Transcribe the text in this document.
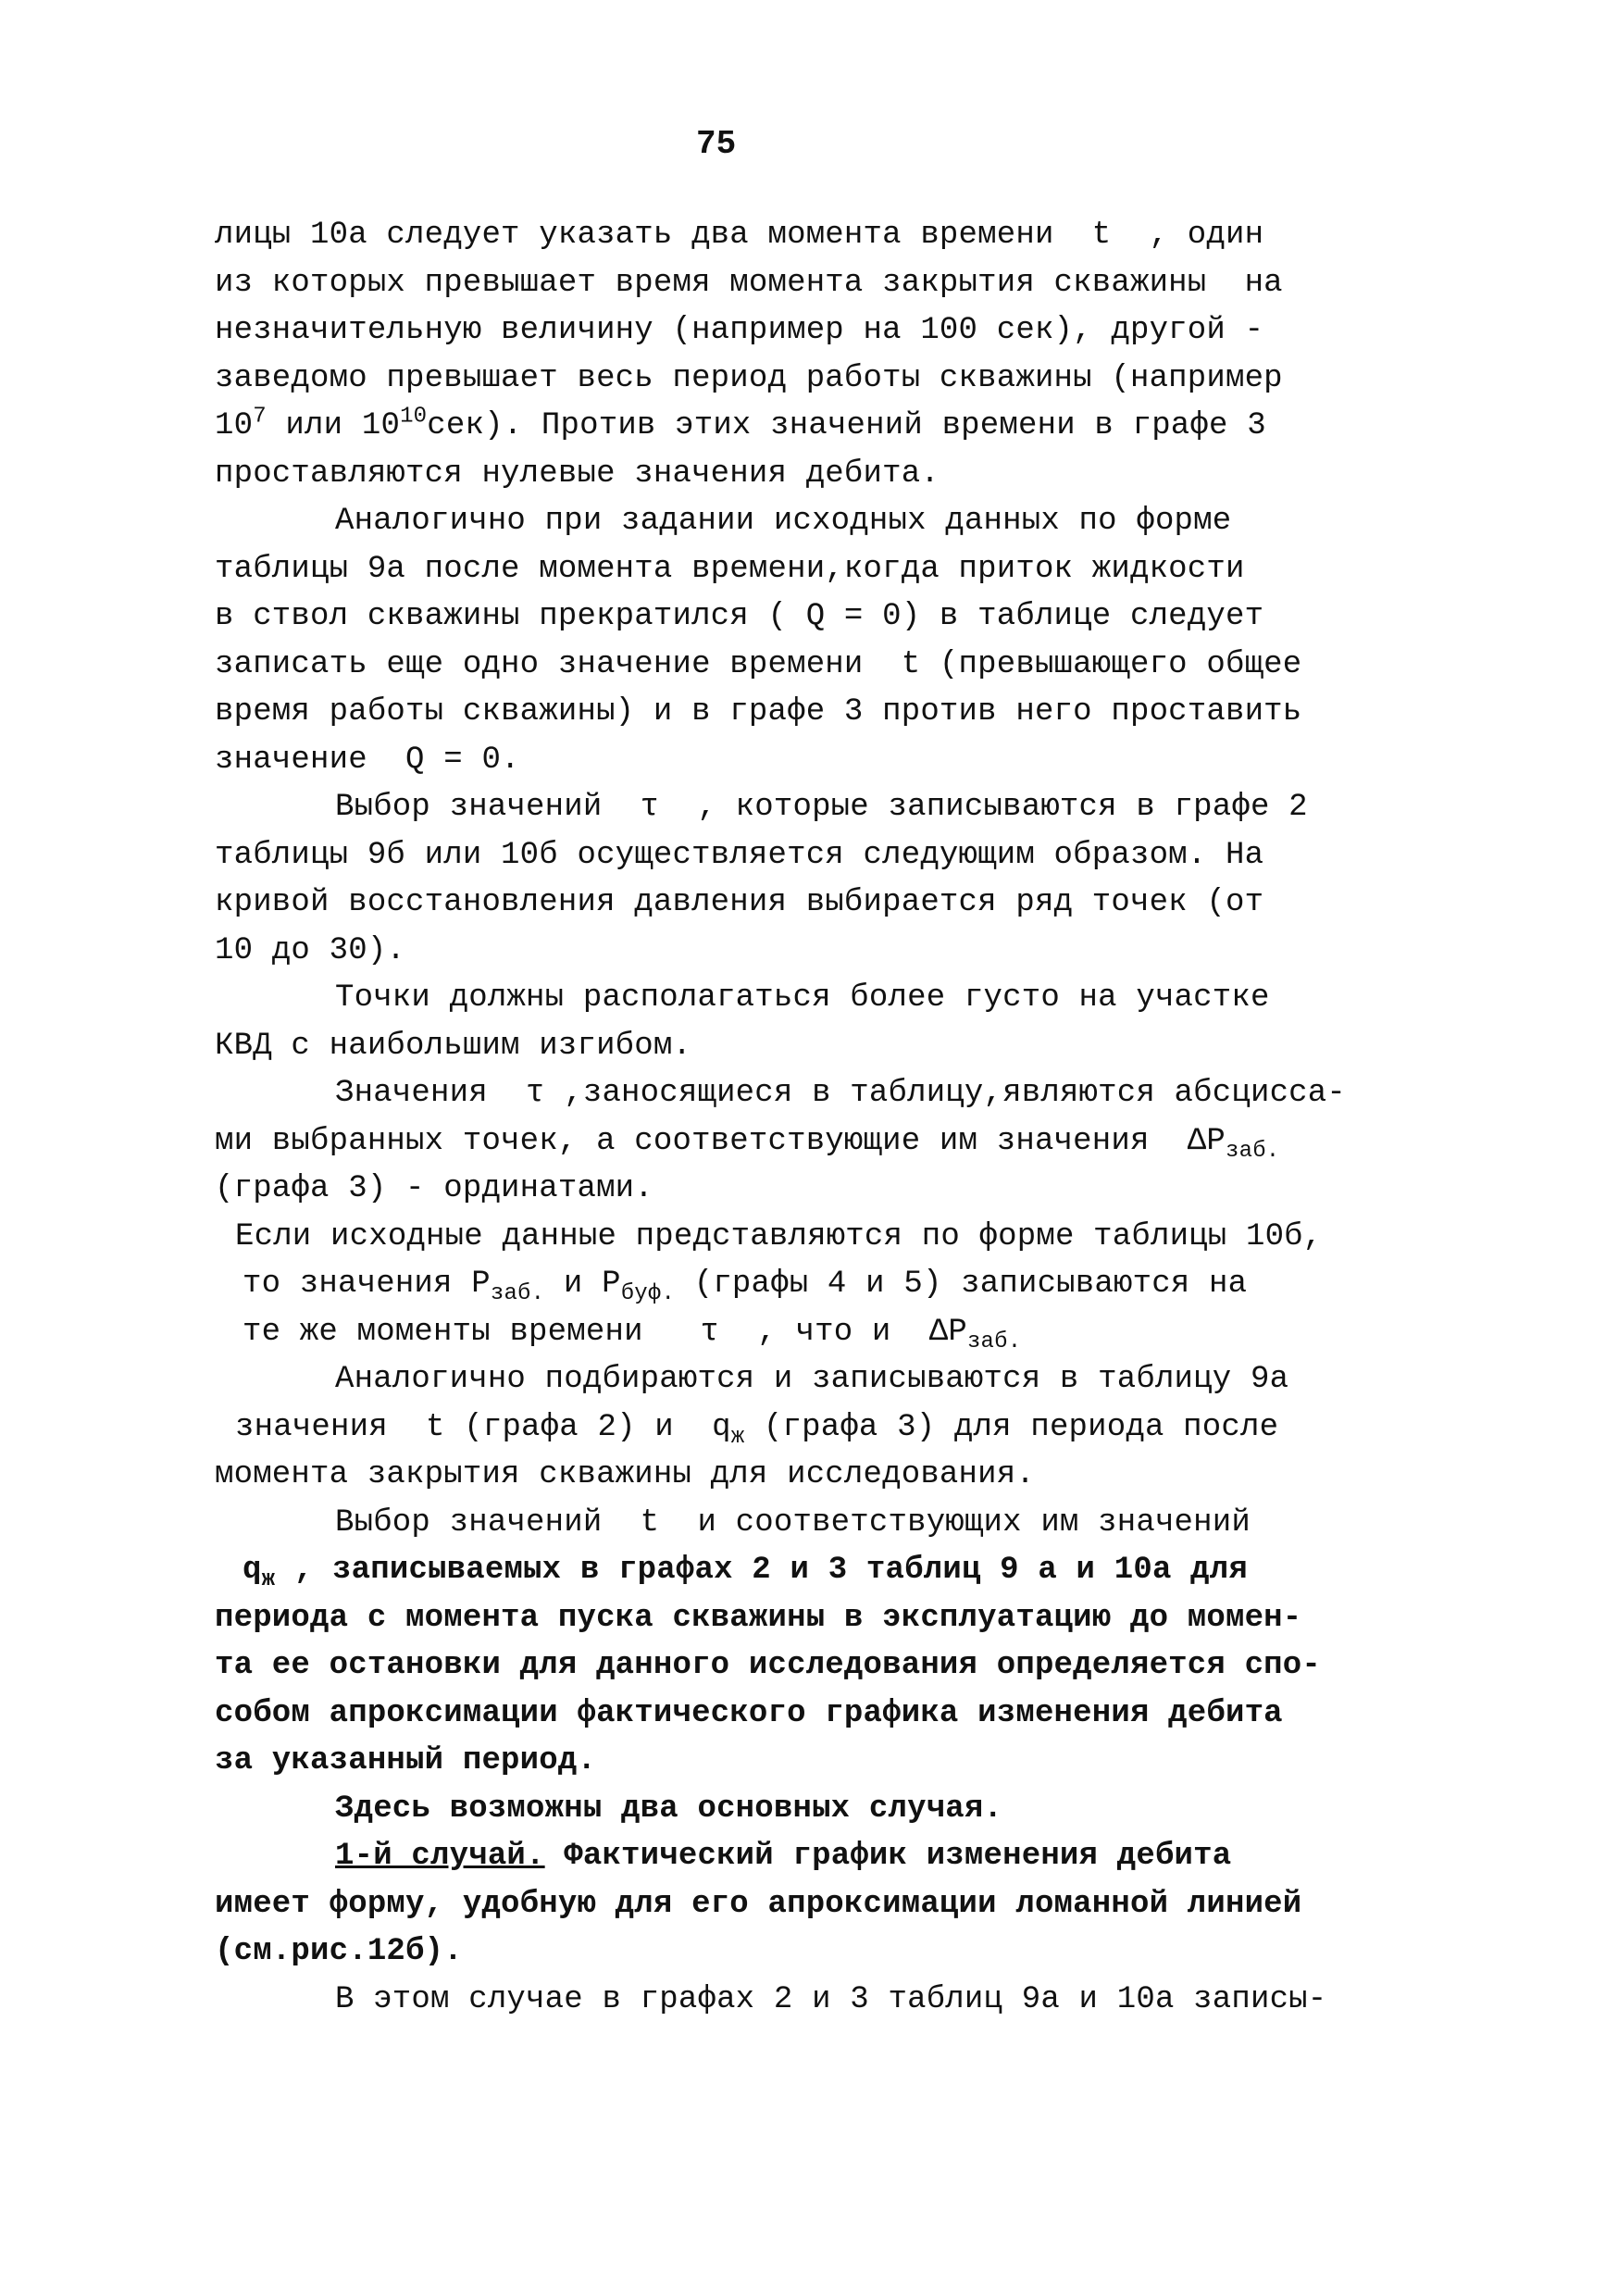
75
лицы 10а следует указать два момента времени  t  , один
из которых превышает время момента закрытия скважины  на
незначительную величину (например на 100 сек), другой -
заведомо превышает весь период работы скважины (например
$10^7$ или $10^{10}сек$). Против этих значений времени в графе 3
проставляются нулевые значения дебита.
Аналогично при задании исходных данных по форме
таблицы 9а после момента времени,когда приток жидкости
в ствол скважины прекратился ( Q = 0) в таблице следует
записать еще одно значение времени  t (превышающего общее
время работы скважины) и в графе 3 против него проставить
значение  Q = 0.
Выбор значений  τ  , которые записываются в графе 2
таблицы 9б или 10б осуществляется следующим образом. На
кривой восстановления давления выбирается ряд точек (от
10 до 30).
Точки должны располагаться более густо на участке
КВД с наибольшим изгибом.
Значения  τ ,заносящиеся в таблицу,являются абсцисса-
ми выбранных точек, а соответствующие им значения  $\Delta P_{заб.}$
(графа 3) - ординатами.
Если исходные данные представляются по форме таблицы 10б,
то значения $P_{заб.}$ и $P_{буф.}$ (графы 4 и 5) записываются на
те же моменты времени   τ  , что и  $\Delta P_{заб.}$
Аналогично подбираются и записываются в таблицу 9а
значения  t (графа 2) и  $q_ж$ (графа 3) для периода после
момента закрытия скважины для исследования.
Выбор значений  t  и соответствующих им значений
$q_ж$ , записываемых в графах 2 и 3 таблиц 9 а и 10а для
периода с момента пуска скважины в эксплуатацию до момен-
та ее остановки для данного исследования определяется спо-
собом апроксимации фактического графика изменения дебита
за указанный период.
Здесь возможны два основных случая.
1-й случай. Фактический график изменения дебита
имеет форму, удобную для его апроксимации ломанной линией
(см.рис.12б).
В этом случае в графах 2 и 3 таблиц 9а и 10а записы-
